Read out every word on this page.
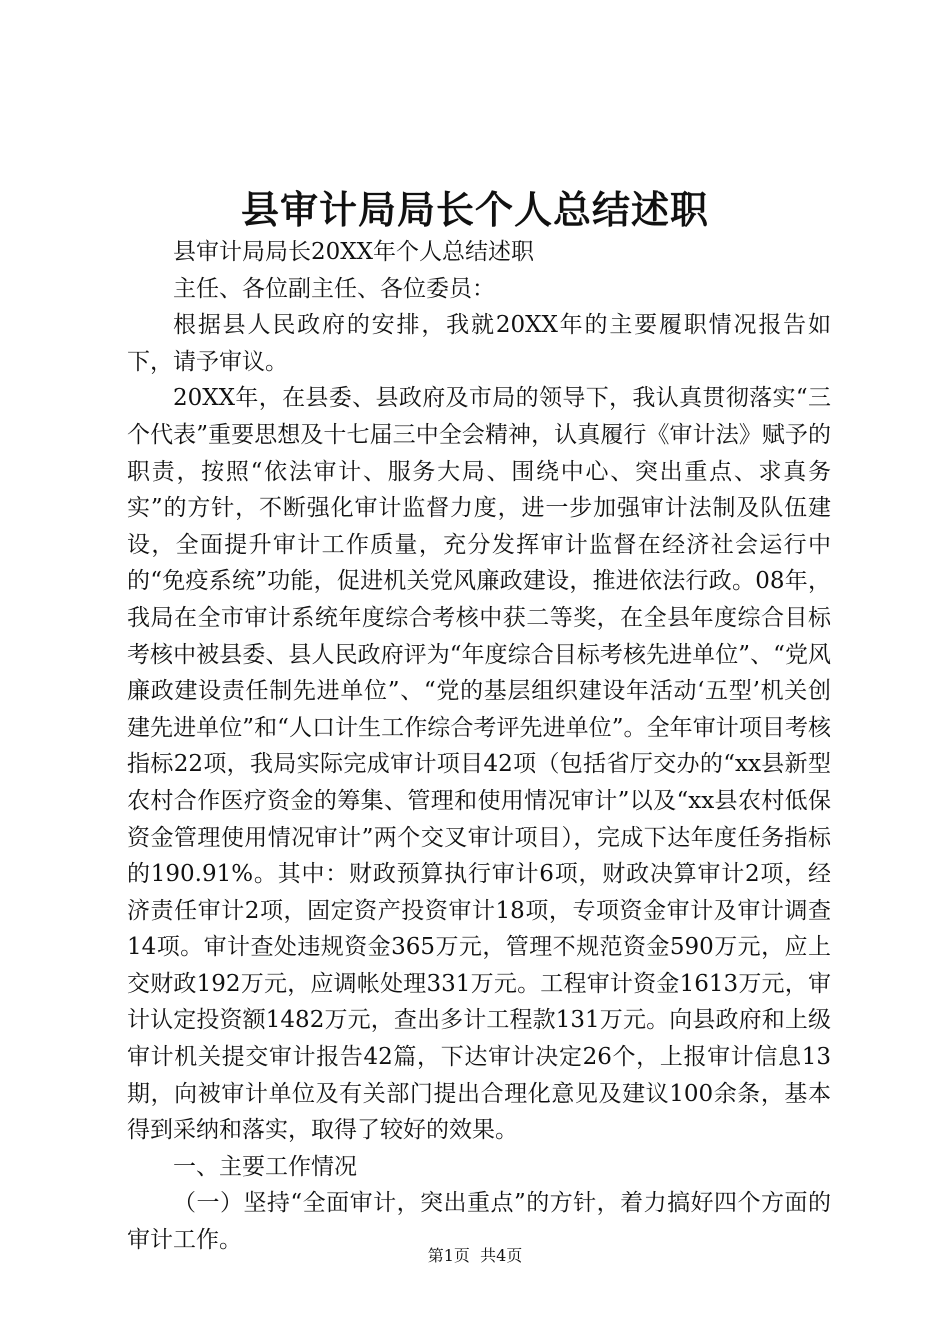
县审计局局长个人总结述职

县审计局局长20XX年个人总结述职

主任、各位副主任、各位委员：

根据县人民政府的安排，我就20XX年的主要履职情况报告如下，请予审议。

20XX年，在县委、县政府及市局的领导下，我认真贯彻落实“三个代表”重要思想及十七届三中全会精神，认真履行《审计法》赋予的职责，按照“依法审计、服务大局、围绕中心、突出重点、求真务实”的方针，不断强化审计监督力度，进一步加强审计法制及队伍建设，全面提升审计工作质量，充分发挥审计监督在经济社会运行中的“免疫系统”功能，促进机关党风廉政建设，推进依法行政。08年，我局在全市审计系统年度综合考核中获二等奖，在全县年度综合目标考核中被县委、县人民政府评为“年度综合目标考核先进单位”、“党风廉政建设责任制先进单位”、“党的基层组织建设年活动‘五型’机关创建先进单位”和“人口计生工作综合考评先进单位”。全年审计项目考核指标22项，我局实际完成审计项目42项（包括省厅交办的“xx县新型农村合作医疗资金的筹集、管理和使用情况审计”以及“xx县农村低保资金管理使用情况审计”两个交叉审计项目），完成下达年度任务指标的190.91%。其中：财政预算执行审计6项，财政决算审计2项，经济责任审计2项，固定资产投资审计18项，专项资金审计及审计调查14项。审计查处违规资金365万元，管理不规范资金590万元，应上交财政192万元，应调帐处理331万元。工程审计资金1613万元，审计认定投资额1482万元，查出多计工程款131万元。向县政府和上级审计机关提交审计报告42篇，下达审计决定26个，上报审计信息13期，向被审计单位及有关部门提出合理化意见及建议100余条，基本得到采纳和落实，取得了较好的效果。

一、主要工作情况

（一）坚持“全面审计，突出重点”的方针，着力搞好四个方面的审计工作。

第1页 共4页
